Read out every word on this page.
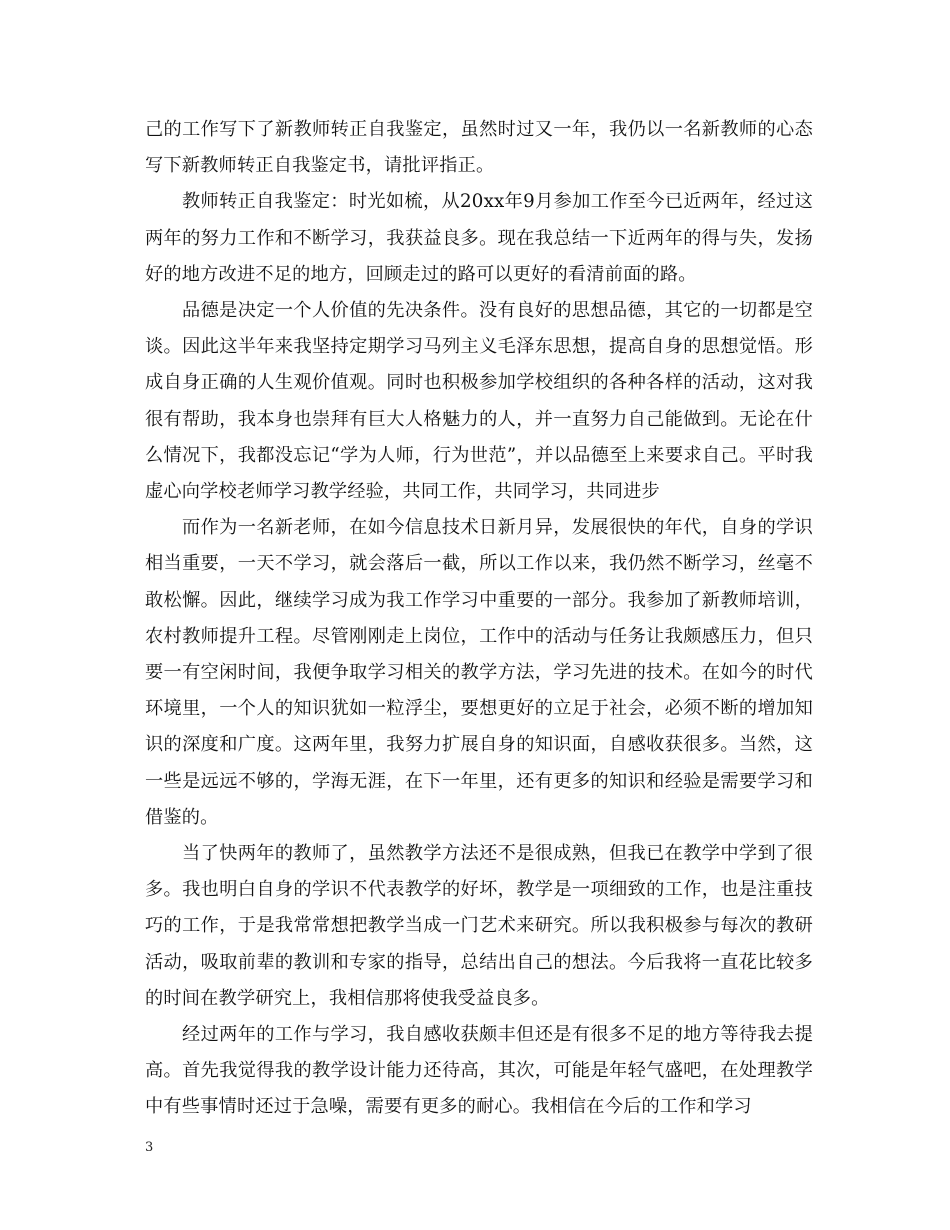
己的工作写下了新教师转正自我鉴定，虽然时过又一年，我仍以一名新教师的心态写下新教师转正自我鉴定书，请批评指正。

教师转正自我鉴定：时光如梳，从20xx年9月参加工作至今已近两年，经过这两年的努力工作和不断学习，我获益良多。现在我总结一下近两年的得与失，发扬好的地方改进不足的地方，回顾走过的路可以更好的看清前面的路。

品德是决定一个人价值的先决条件。没有良好的思想品德，其它的一切都是空谈。因此这半年来我坚持定期学习马列主义毛泽东思想，提高自身的思想觉悟。形成自身正确的人生观价值观。同时也积极参加学校组织的各种各样的活动，这对我很有帮助，我本身也崇拜有巨大人格魅力的人，并一直努力自己能做到。无论在什么情况下，我都没忘记“学为人师，行为世范”，并以品德至上来要求自己。平时我虚心向学校老师学习教学经验，共同工作，共同学习，共同进步

而作为一名新老师，在如今信息技术日新月异，发展很快的年代，自身的学识相当重要，一天不学习，就会落后一截，所以工作以来，我仍然不断学习，丝毫不敢松懈。因此，继续学习成为我工作学习中重要的一部分。我参加了新教师培训，农村教师提升工程。尽管刚刚走上岗位，工作中的活动与任务让我颇感压力，但只要一有空闲时间，我便争取学习相关的教学方法，学习先进的技术。在如今的时代环境里，一个人的知识犹如一粒浮尘，要想更好的立足于社会，必须不断的增加知识的深度和广度。这两年里，我努力扩展自身的知识面，自感收获很多。当然，这一些是远远不够的，学海无涯，在下一年里，还有更多的知识和经验是需要学习和借鉴的。

当了快两年的教师了，虽然教学方法还不是很成熟，但我已在教学中学到了很多。我也明白自身的学识不代表教学的好坏，教学是一项细致的工作，也是注重技巧的工作，于是我常常想把教学当成一门艺术来研究。所以我积极参与每次的教研活动，吸取前辈的教训和专家的指导，总结出自己的想法。今后我将一直花比较多的时间在教学研究上，我相信那将使我受益良多。

经过两年的工作与学习，我自感收获颇丰但还是有很多不足的地方等待我去提高。首先我觉得我的教学设计能力还待高，其次，可能是年轻气盛吧，在处理教学中有些事情时还过于急噪，需要有更多的耐心。我相信在今后的工作和学习

3
